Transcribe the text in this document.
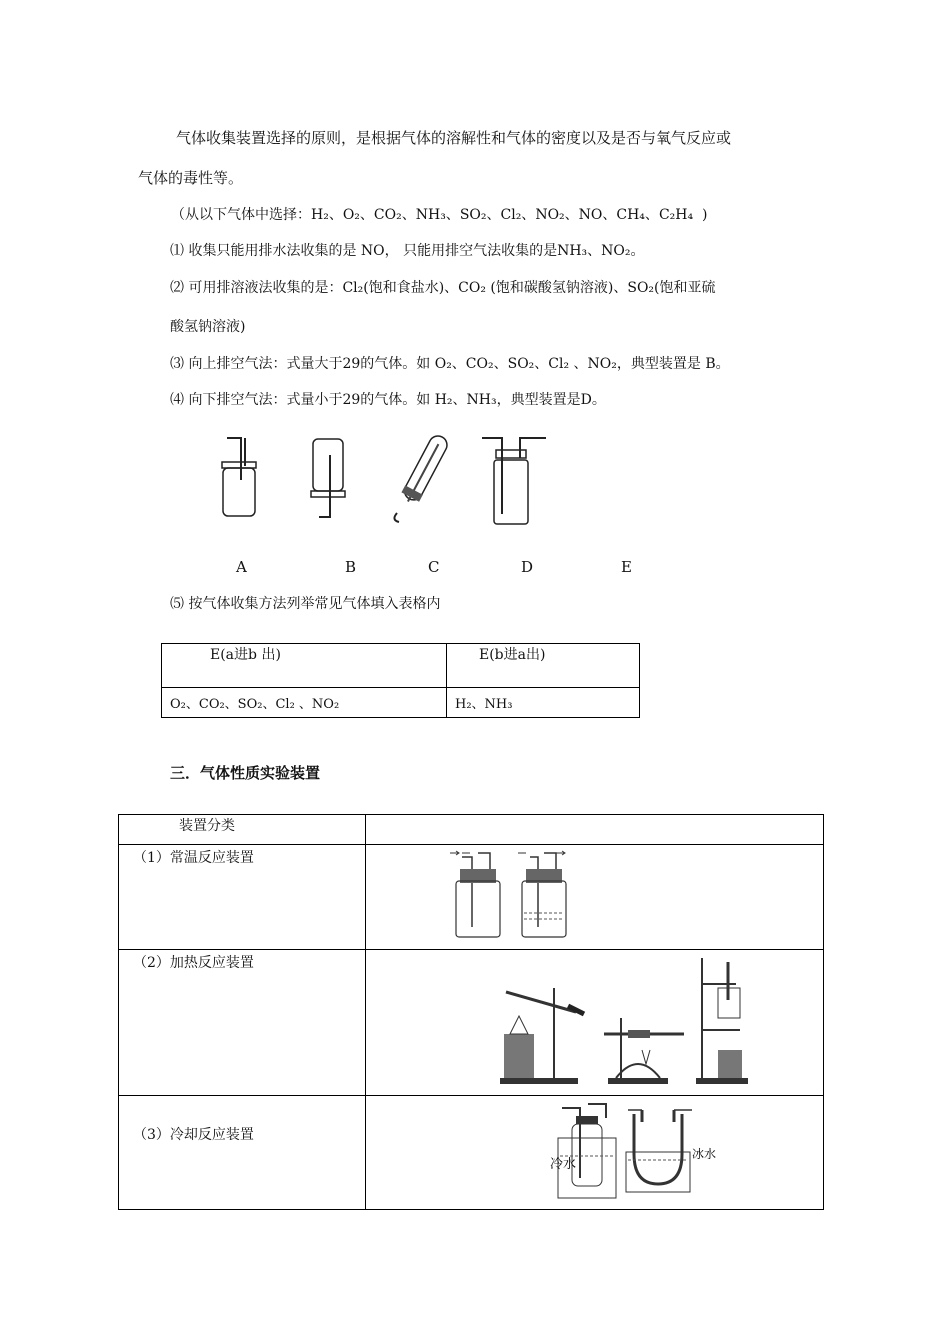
气体收集装置选择的原则，是根据气体的溶解性和气体的密度以及是否与氧气反应或
气体的毒性等。
（从以下气体中选择：H₂、O₂、CO₂、NH₃、SO₂、Cl₂、NO₂、NO、CH₄、C₂H₄  )
⑴ 收集只能用排水法收集的是 NO， 只能用排空气法收集的是NH₃、NO₂。
⑵ 可用排溶液法收集的是：Cl₂(饱和食盐水)、CO₂ (饱和碳酸氢钠溶液)、SO₂(饱和亚硫
酸氢钠溶液)
⑶ 向上排空气法：式量大于29的气体。如 O₂、CO₂、SO₂、Cl₂ 、NO₂，典型装置是 B。
⑷ 向下排空气法：式量小于29的气体。如 H₂、NH₃，典型装置是D。
A	B	C	D	E
⑸ 按气体收集方法列举常见气体填入表格内
E(a进b 出)	E(b进a出)
O₂、CO₂、SO₂、Cl₂ 、NO₂	H₂、NH₃
三．气体性质实验装置
装置分类	
（1）常温反应装置	

（2）加热反应装置	

（3）冷却反应装置	冷水
冰水
